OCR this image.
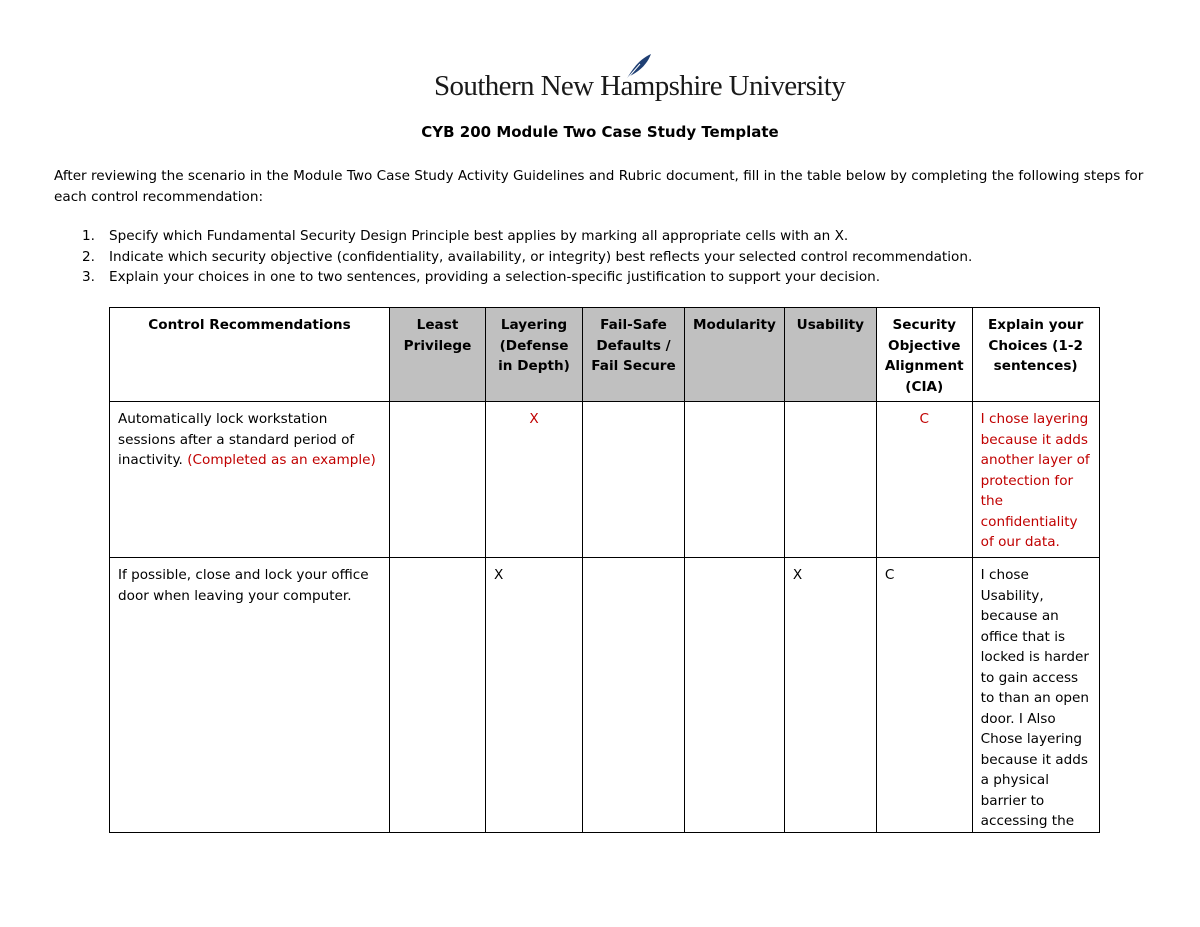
Southern New Hampshire University
CYB 200 Module Two Case Study Template
After reviewing the scenario in the Module Two Case Study Activity Guidelines and Rubric document, fill in the table below by completing the following steps for each control recommendation:
1. Specify which Fundamental Security Design Principle best applies by marking all appropriate cells with an X.
2. Indicate which security objective (confidentiality, availability, or integrity) best reflects your selected control recommendation.
3. Explain your choices in one to two sentences, providing a selection-specific justification to support your decision.
Control Recommendations	Least Privilege	Layering (Defense in Depth)	Fail-Safe Defaults / Fail Secure	Modularity	Usability	Security Objective Alignment (CIA)	Explain your Choices (1-2 sentences)
Automatically lock workstation sessions after a standard period of inactivity. (Completed as an example)		X				C	I chose layering because it adds another layer of protection for the confidentiality of our data.
If possible, close and lock your office door when leaving your computer.		X			X	C	I chose Usability, because an office that is locked is harder to gain access to than an open door. I Also Chose layering because it adds a physical barrier to accessing the
